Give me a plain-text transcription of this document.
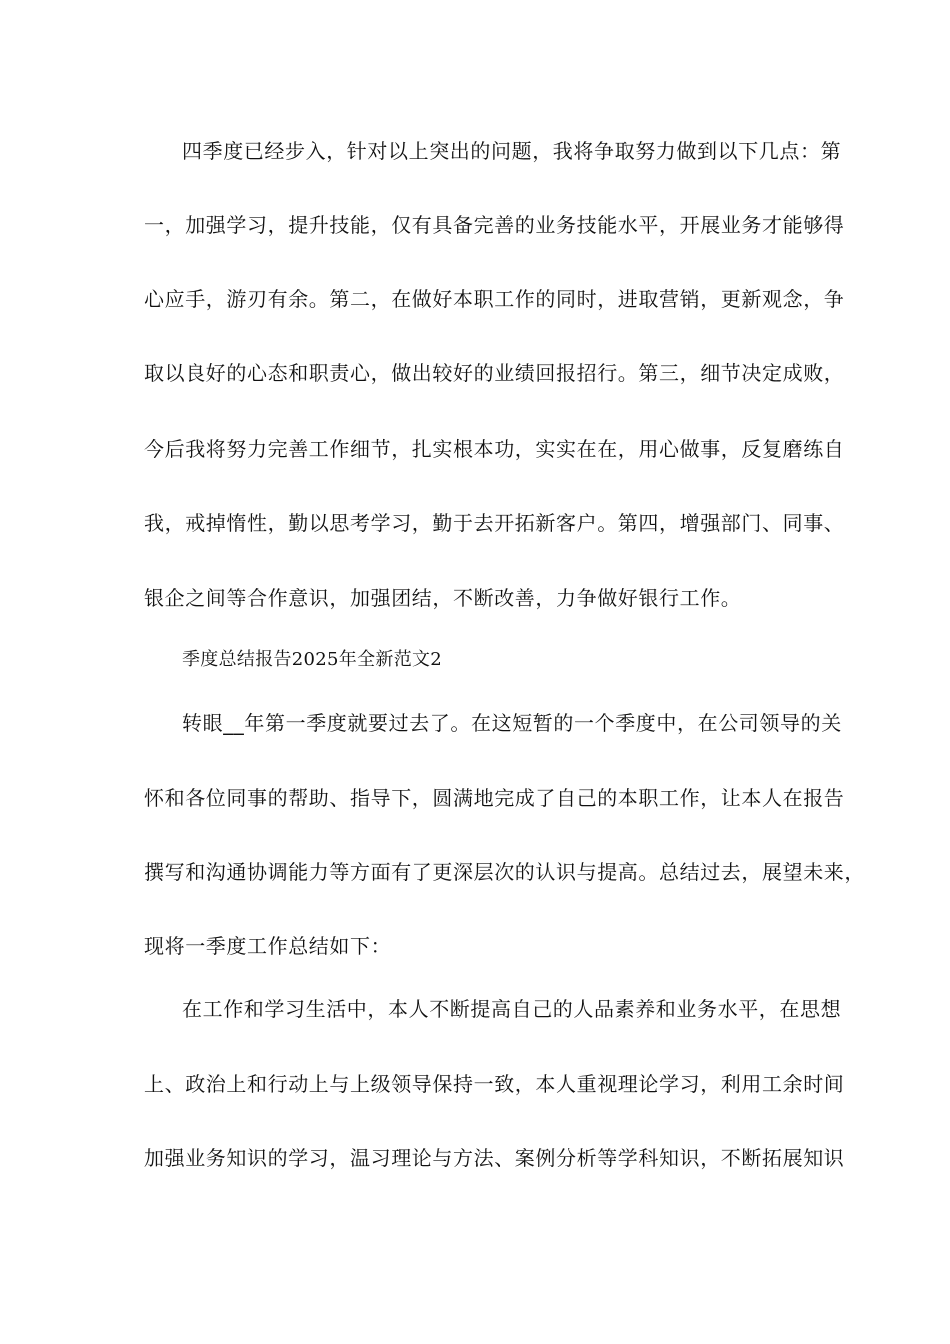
四季度已经步入，针对以上突出的问题，我将争取努力做到以下几点：第
一，加强学习，提升技能，仅有具备完善的业务技能水平，开展业务才能够得
心应手，游刃有余。第二，在做好本职工作的同时，进取营销，更新观念，争
取以良好的心态和职责心，做出较好的业绩回报招行。第三，细节决定成败，
今后我将努力完善工作细节，扎实根本功，实实在在，用心做事，反复磨练自
我，戒掉惰性，勤以思考学习，勤于去开拓新客户。第四，增强部门、同事、
银企之间等合作意识，加强团结，不断改善，力争做好银行工作。
季度总结报告2025年全新范文2
转眼__年第一季度就要过去了。在这短暂的一个季度中，在公司领导的关
怀和各位同事的帮助、指导下，圆满地完成了自己的本职工作，让本人在报告
撰写和沟通协调能力等方面有了更深层次的认识与提高。总结过去，展望未来，
现将一季度工作总结如下：
在工作和学习生活中，本人不断提高自己的人品素养和业务水平，在思想
上、政治上和行动上与上级领导保持一致，本人重视理论学习，利用工余时间
加强业务知识的学习，温习理论与方法、案例分析等学科知识，不断拓展知识
